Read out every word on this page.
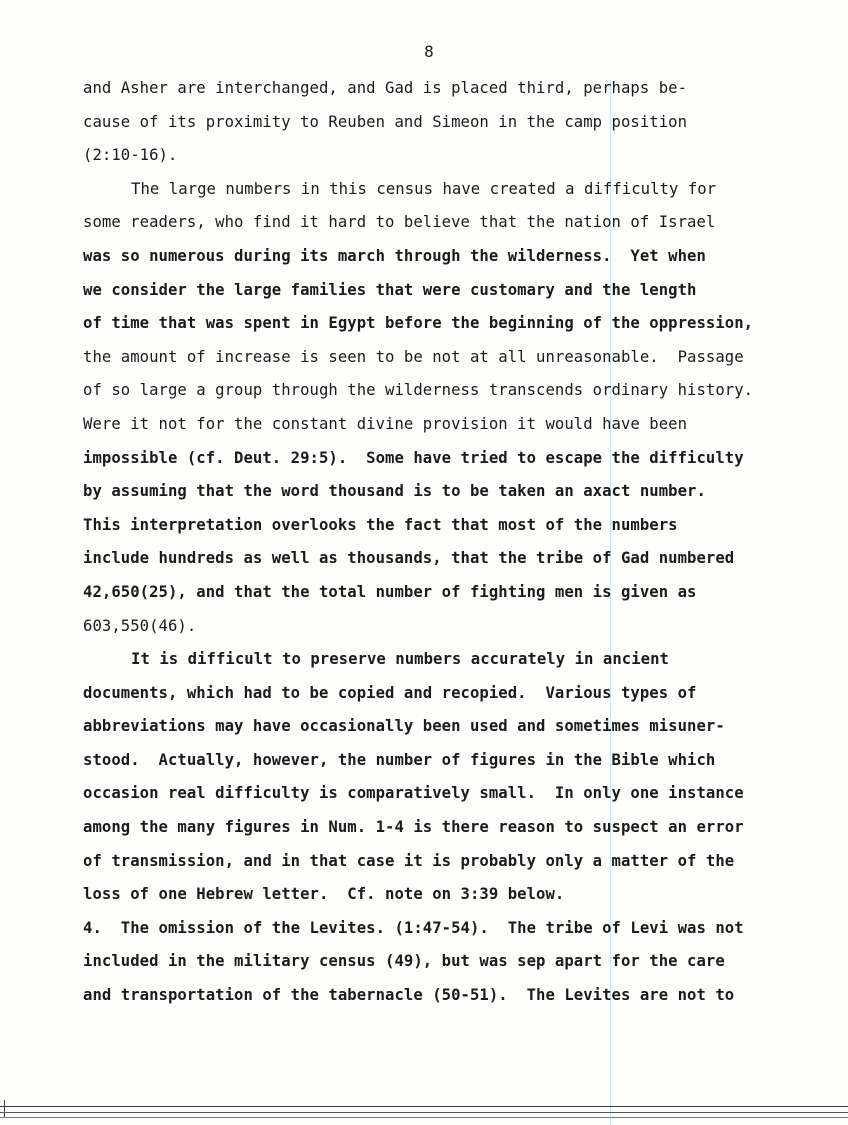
8
and Asher are interchanged, and Gad is placed third, perhaps be-
cause of its proximity to Reuben and Simeon in the camp position
(2:10-16).
The large numbers in this census have created a difficulty for
some readers, who find it hard to believe that the nation of Israel
was so numerous during its march through the wilderness.  Yet when
we consider the large families that were customary and the length
of time that was spent in Egypt before the beginning of the oppression,
the amount of increase is seen to be not at all unreasonable.  Passage
of so large a group through the wilderness transcends ordinary history.
Were it not for the constant divine provision it would have been
impossible (cf. Deut. 29:5).  Some have tried to escape the difficulty
by assuming that the word thousand is to be taken an axact number.
This interpretation overlooks the fact that most of the numbers
include hundreds as well as thousands, that the tribe of Gad numbered
42,650(25), and that the total number of fighting men is given as
603,550(46).
It is difficult to preserve numbers accurately in ancient
documents, which had to be copied and recopied.  Various types of
abbreviations may have occasionally been used and sometimes misuner-
stood.  Actually, however, the number of figures in the Bible which
occasion real difficulty is comparatively small.  In only one instance
among the many figures in Num. 1-4 is there reason to suspect an error
of transmission, and in that case it is probably only a matter of the
loss of one Hebrew letter.  Cf. note on 3:39 below.
4.  The omission of the Levites. (1:47-54).  The tribe of Levi was not
included in the military census (49), but was sep apart for the care
and transportation of the tabernacle (50-51).  The Levites are not to
